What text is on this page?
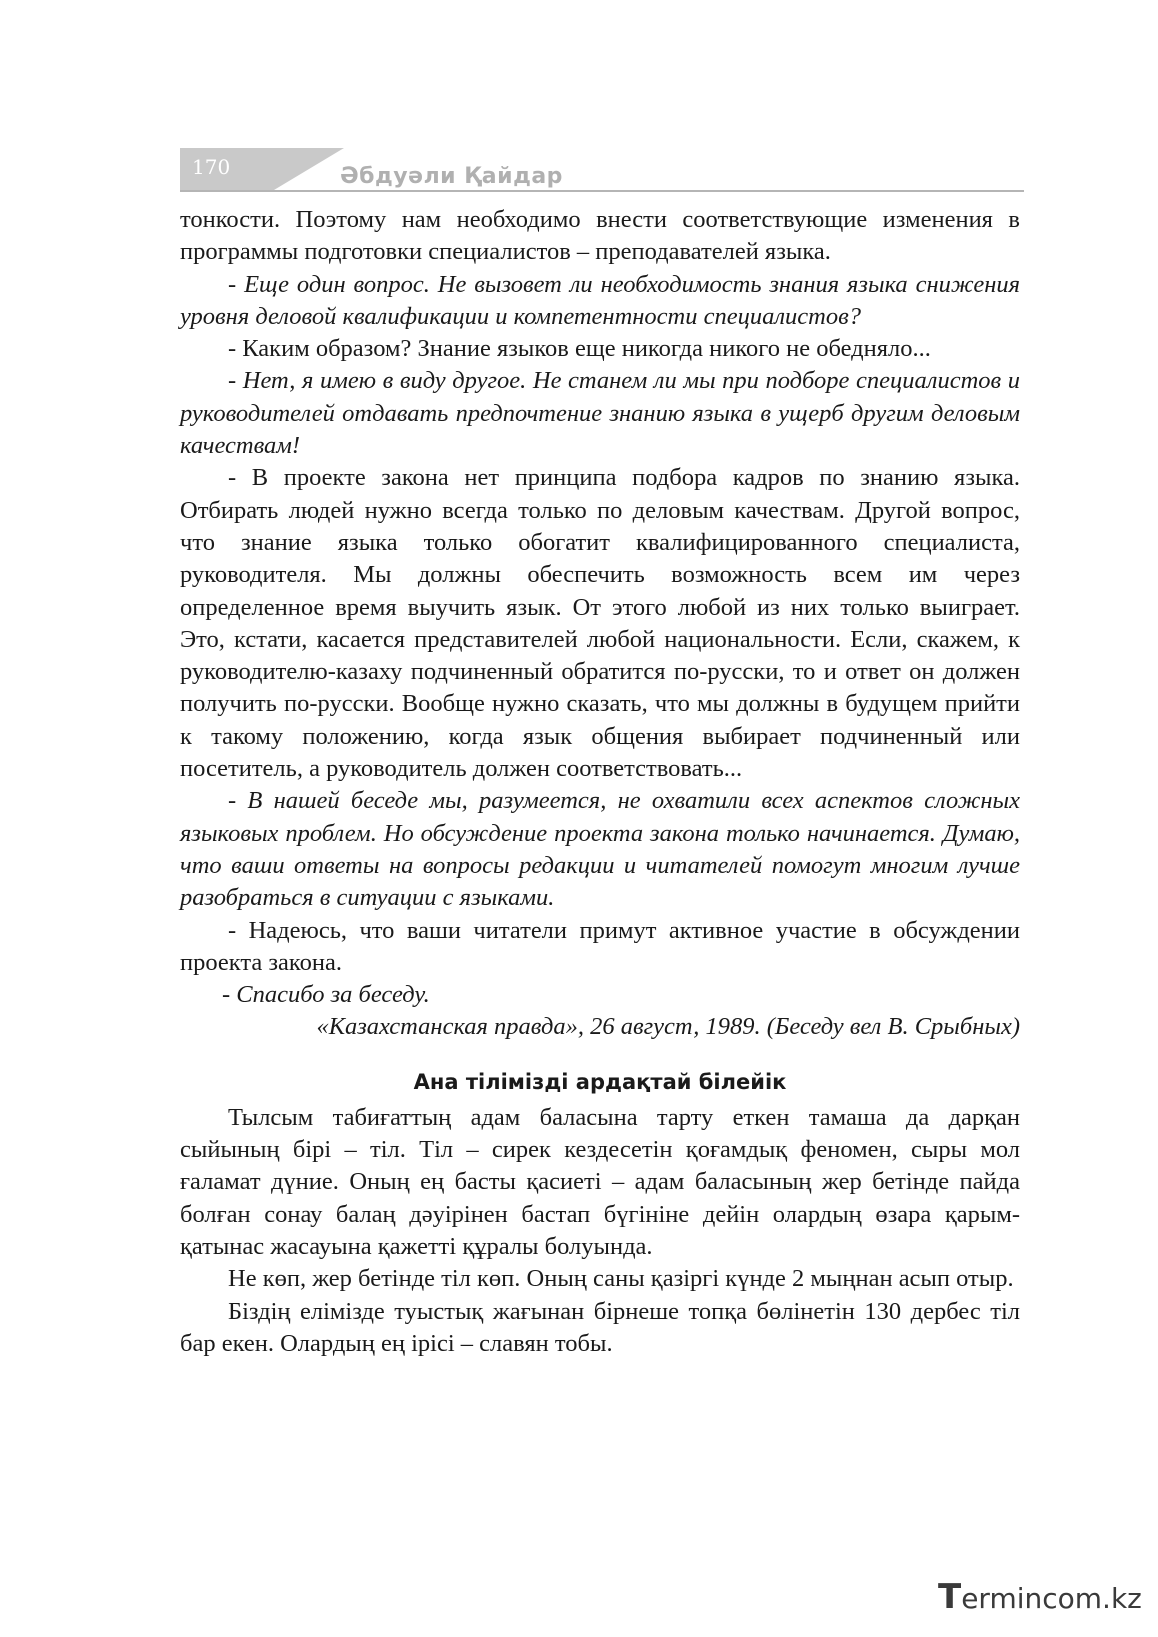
170	Әбдуәли Қайдар

тонкости. Поэтому нам необходимо внести соответствующие изменения в программы подготовки специалистов – преподавателей языка.

- Еще один вопрос. Не вызовет ли необходимость знания языка снижения уровня деловой квалификации и компетентности специалистов?

- Каким образом? Знание языков еще никогда никого не обедняло...

- Нет, я имею в виду другое. Не станем ли мы при подборе специалистов и руководителей отдавать предпочтение знанию языка в ущерб другим деловым качествам!

- В проекте закона нет принципа подбора кадров по знанию языка. Отбирать людей нужно всегда только по деловым качествам. Другой вопрос, что знание языка только обогатит квалифицированного специалиста, руководителя. Мы должны обеспечить возможность всем им через определенное время выучить язык. От этого любой из них только выиграет. Это, кстати, касается представителей любой национальности. Если, скажем, к руководителю-казаху подчиненный обратится по-русски, то и ответ он должен получить по-русски. Вообще нужно сказать, что мы должны в будущем прийти к такому положению, когда язык общения выбирает подчиненный или посетитель, а руководитель должен соответствовать...

- В нашей беседе мы, разумеется, не охватили всех аспектов сложных языковых проблем. Но обсуждение проекта закона только начинается. Думаю, что ваши ответы на вопросы редакции и читателей помогут многим лучше разобраться в ситуации с языками.

- Надеюсь, что ваши читатели примут активное участие в обсуждении проекта закона.

- Спасибо за беседу.

«Казахстанская правда», 26 август, 1989. (Беседу вел В. Срыбных)

Ана тілімізді ардақтай білейік

Тылсым табиғаттың адам баласына тарту еткен тамаша да дарқан сыйының бірі – тіл. Тіл – сирек кездесетін қоғамдық феномен, сыры мол ғаламат дүние. Оның ең басты қасиеті – адам баласының жер бетінде пайда болған сонау балаң дәуірінен бастап бүгініне дейін олардың өзара қарым-қатынас жасауына қажетті құралы болуында.

Не көп, жер бетінде тіл көп. Оның саны қазіргі күнде 2 мыңнан асып отыр.

Біздің елімізде туыстық жағынан бірнеше топқа бөлінетін 130 дербес тіл бар екен. Олардың ең ірісі – славян тобы.

Termincom.kz
